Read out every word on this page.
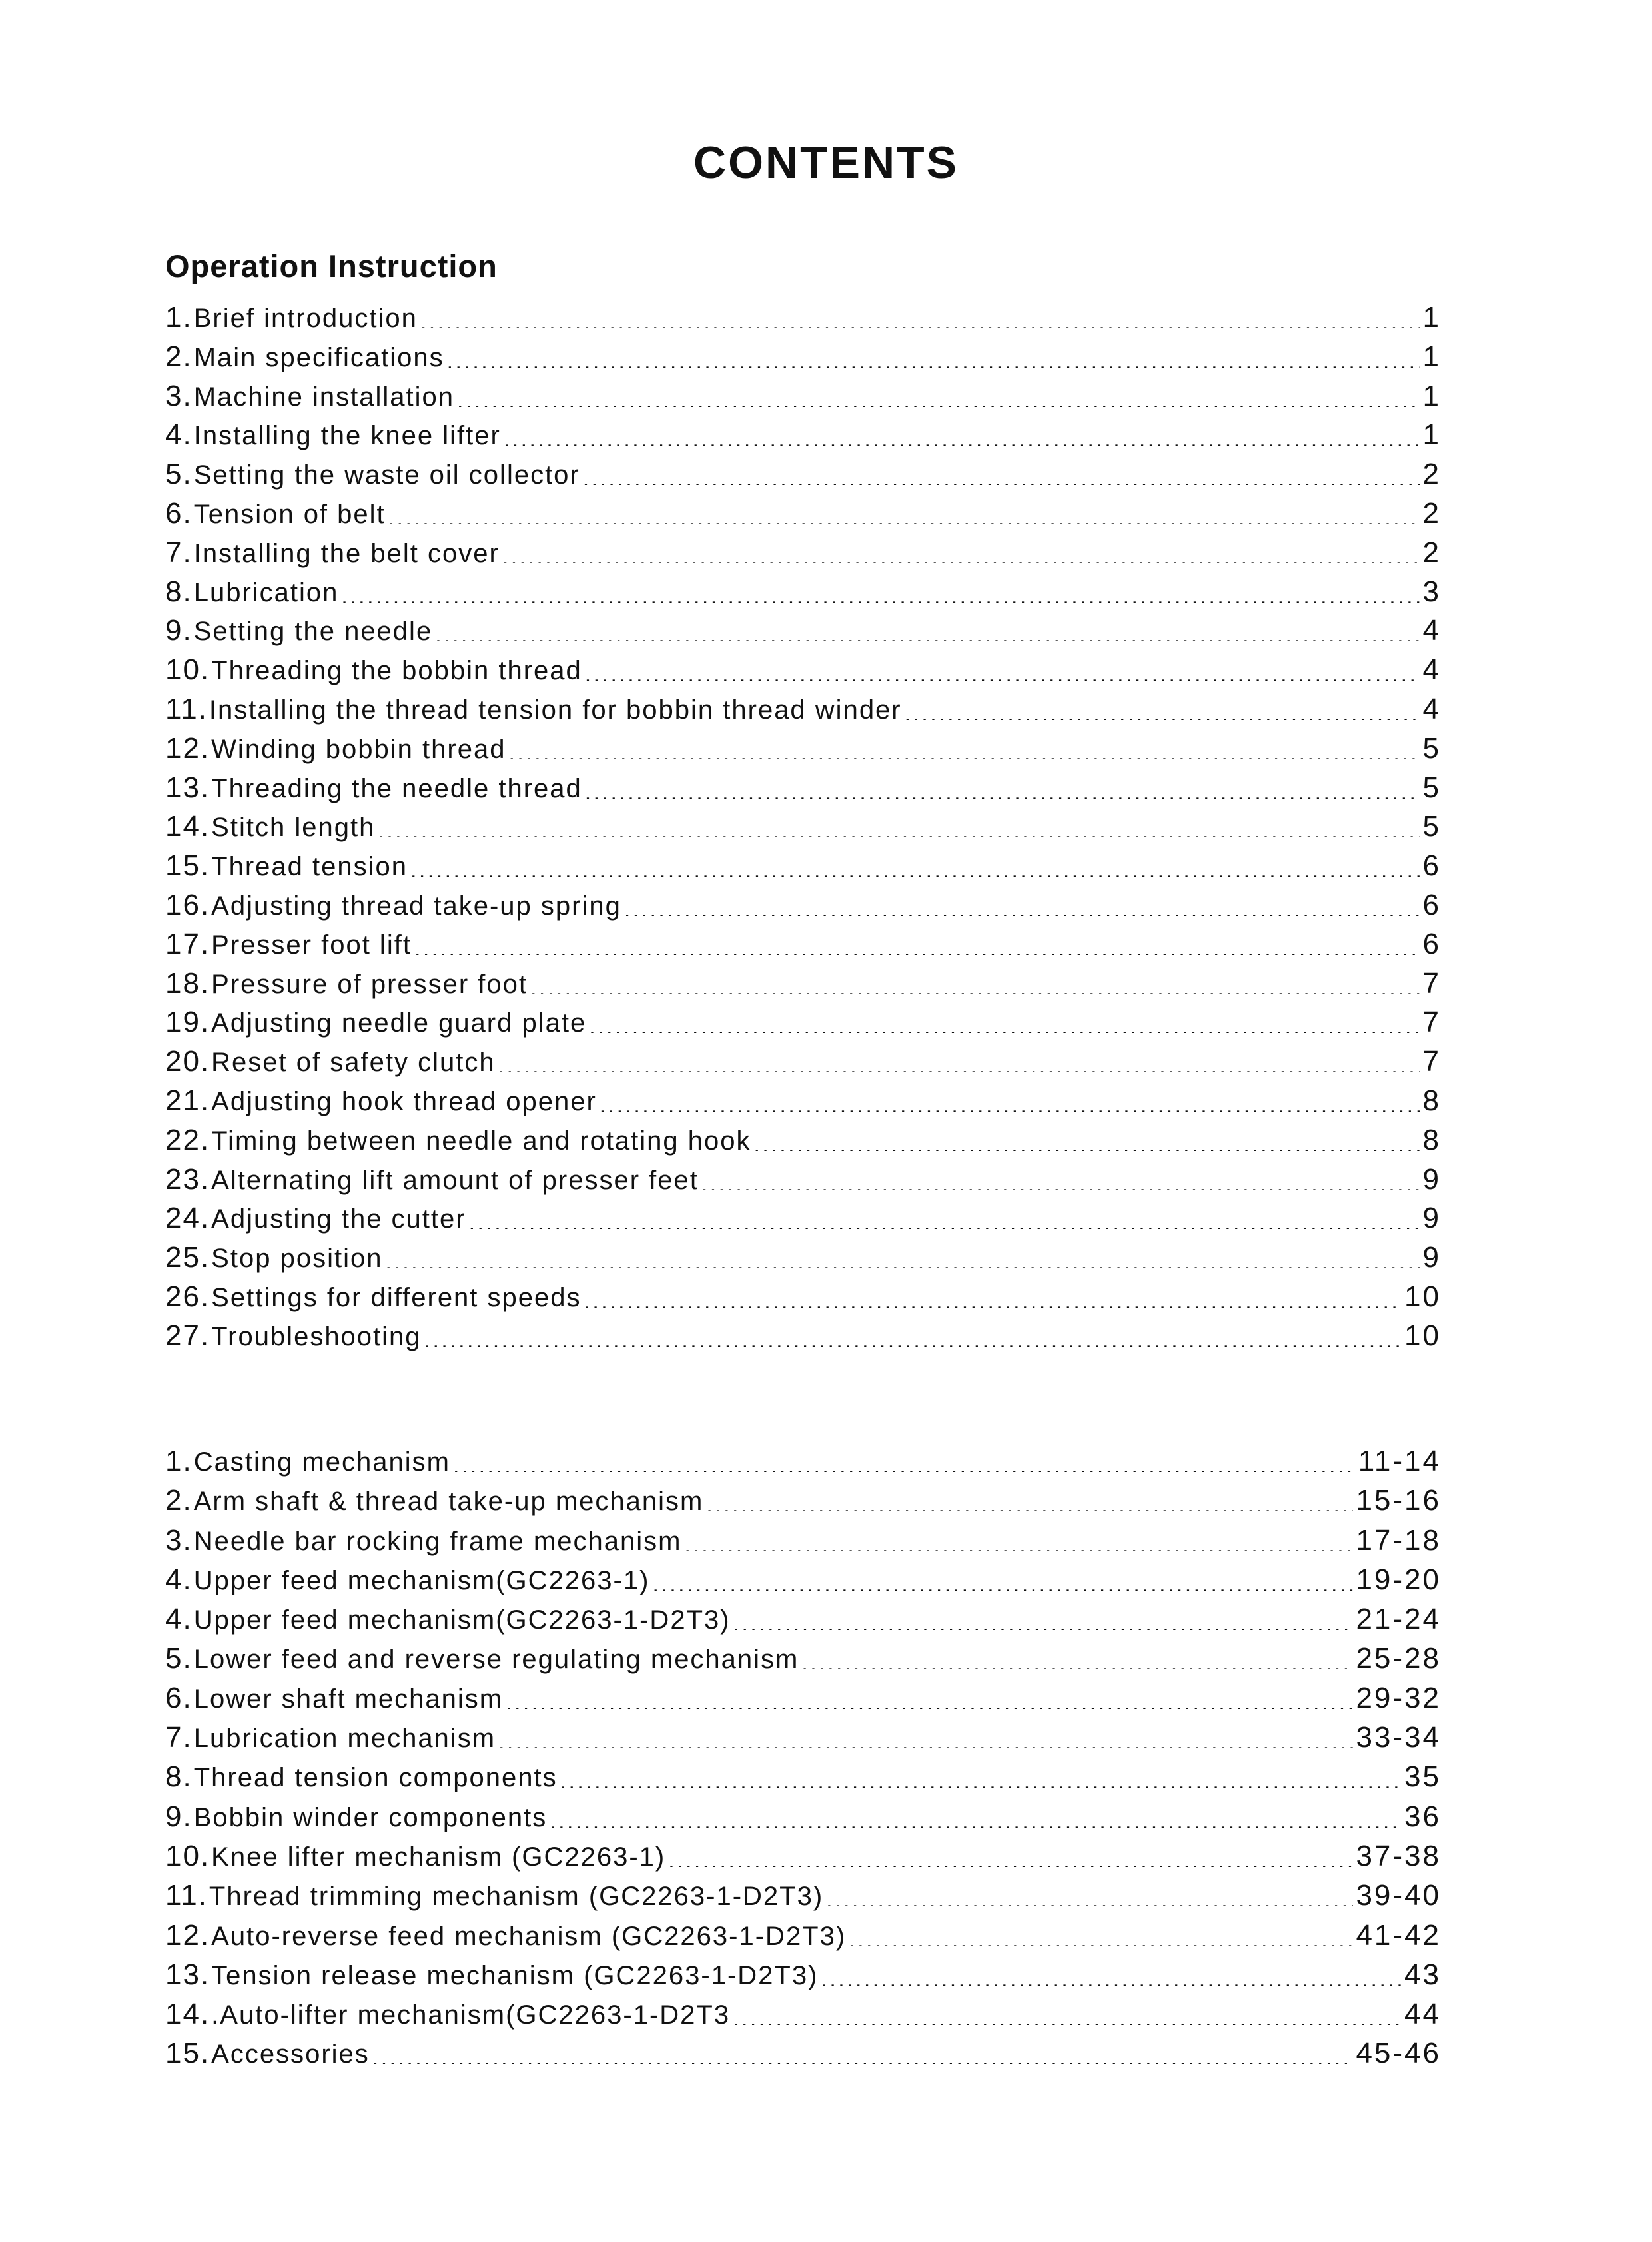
CONTENTS
Operation Instruction
1. Brief introduction . . .	1
2. Main specifications . . .	1
3. Machine installation . . .	1
4. Installing the knee lifter . . .	1
5. Setting the waste oil collector . . .	2
6. Tension of belt . . .	2
7. Installing the belt cover . . .	2
8. Lubrication . . .	3
9. Setting the needle . . .	4
10. Threading the bobbin thread . . .	4
11. Installing the thread tension for bobbin thread winder . . .	4
12. Winding bobbin thread . . .	5
13. Threading the needle thread . . .	5
14. Stitch length . . .	5
15. Thread tension . . .	6
16. Adjusting thread take-up spring . . .	6
17. Presser foot lift . . .	6
18. Pressure of presser foot . . .	7
19. Adjusting needle guard plate . . .	7
20. Reset of safety clutch . . .	7
21. Adjusting hook thread opener . . .	8
22. Timing between needle and rotating hook . . .	8
23. Alternating lift amount of presser feet . . .	9
24. Adjusting the cutter . . .	9
25. Stop position . . .	9
26. Settings for different speeds . . .	10
27. Troubleshooting . . .	10
1. Casting mechanism . . .	11-14
2. Arm shaft & thread take-up mechanism . . .	15-16
3. Needle bar rocking frame mechanism . . .	17-18
4. Upper feed mechanism(GC2263-1) . . .	19-20
4. Upper feed mechanism(GC2263-1-D2T3) . . .	21-24
5. Lower feed and reverse regulating mechanism . . .	25-28
6. Lower shaft mechanism . . .	29-32
7. Lubrication mechanism . . .	33-34
8. Thread tension components . . .	35
9. Bobbin winder components . . .	36
10. Knee lifter mechanism (GC2263-1) . . .	37-38
11. Thread trimming mechanism (GC2263-1-D2T3) . . .	39-40
12. Auto-reverse feed mechanism (GC2263-1-D2T3) . . .	41-42
13. Tension release mechanism (GC2263-1-D2T3) . . .	43
14. .Auto-lifter mechanism(GC2263-1-D2T3 . . .	44
15. Accessories . . .	45-46
